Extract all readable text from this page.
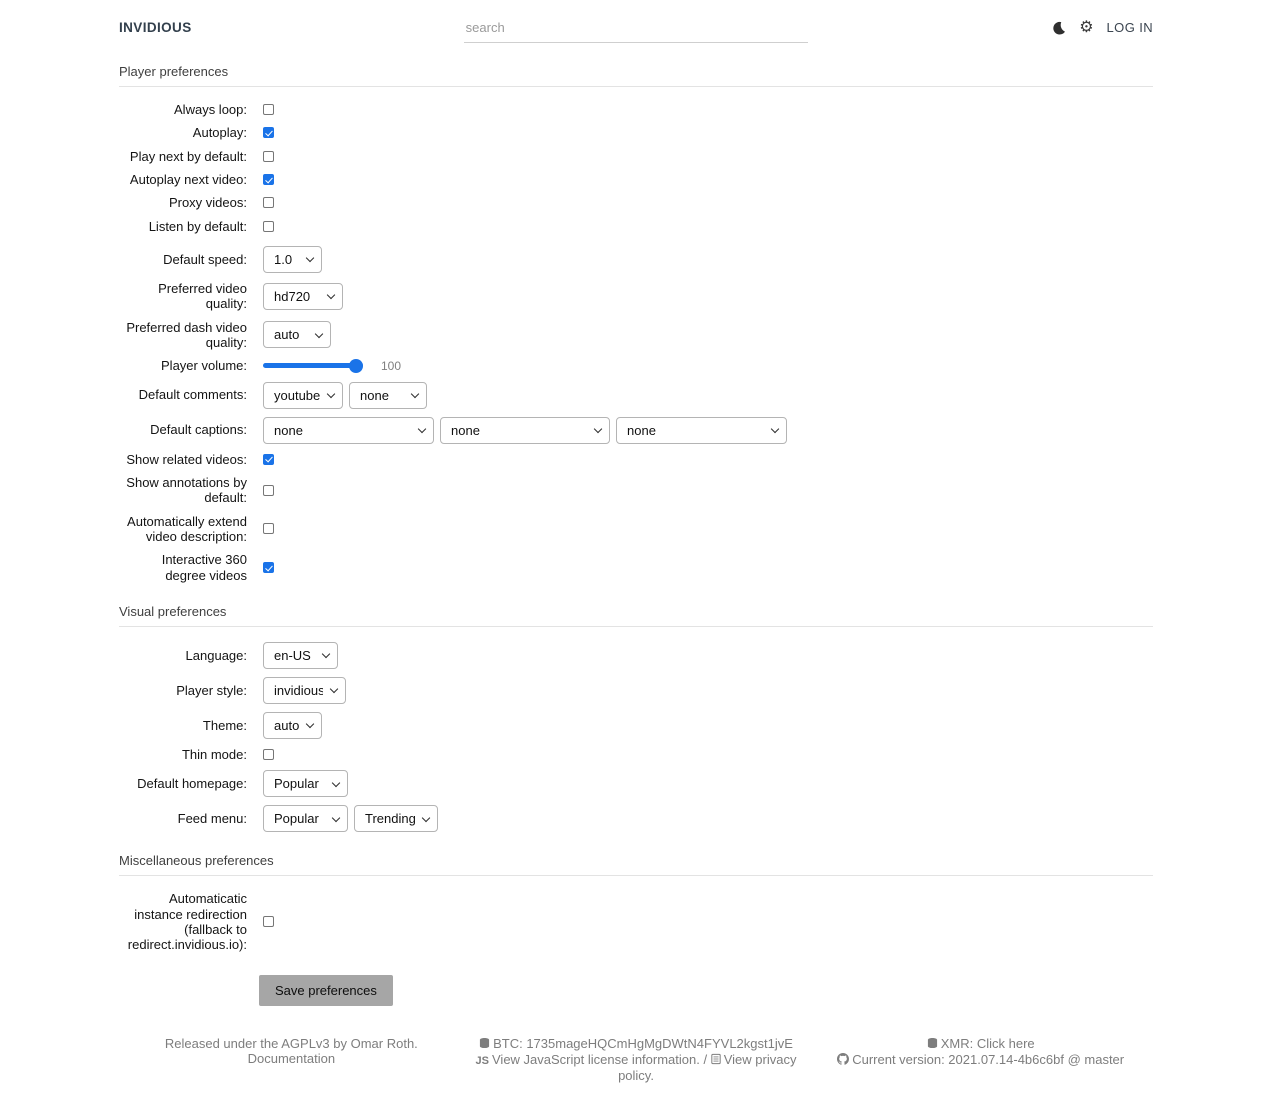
INVIDIOUS
search	⚙ LOG IN
Player preferences
Always loop:
Autoplay:
Play next by default:
Autoplay next video:
Proxy videos:
Listen by default:
Default speed:
1.0
Preferred video quality:
hd720
Preferred dash video quality:
auto
Player volume:	100
Default comments:
youtube
none
Default captions:
none
none
none
Show related videos:
Show annotations by default:
Automatically extend video description:
Interactive 360 degree videos
Visual preferences
Language:
en-US
Player style:
invidious
Theme:
auto
Thin mode:
Default homepage:
Popular
Feed menu:
Popular
Trending
Miscellaneous preferences
Automaticatic instance redirection (fallback to redirect.invidious.io):
Save preferences
Released under the AGPLv3 by Omar Roth.
Documentation
BTC: 1735mageHQCmHgMgDWtN4FYVL2kgst1jvE
JS View JavaScript license information. / View privacy policy.
XMR: Click here
Current version: 2021.07.14-4b6c6bf @ master
